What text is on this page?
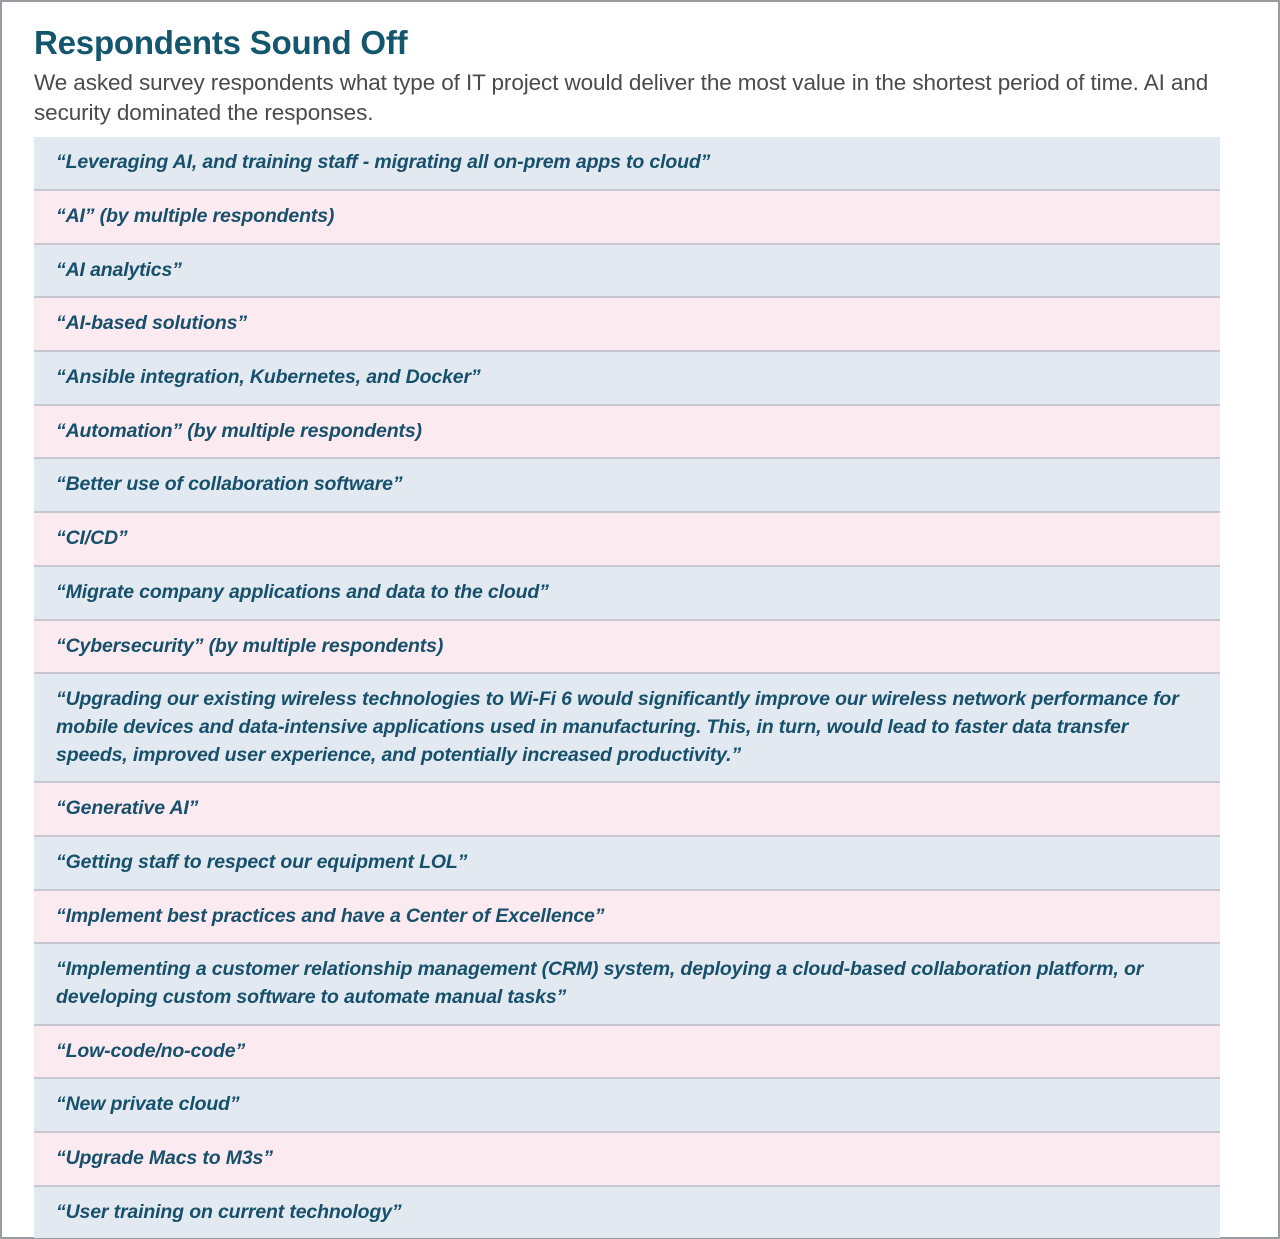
Respondents Sound Off

We asked survey respondents what type of IT project would deliver the most value in the shortest period of time. AI and security dominated the responses.

“Leveraging AI, and training staff - migrating all on-prem apps to cloud”
“AI” (by multiple respondents)
“AI analytics”
“AI-based solutions”
“Ansible integration, Kubernetes, and Docker”
“Automation” (by multiple respondents)
“Better use of collaboration software”
“CI/CD”
“Migrate company applications and data to the cloud”
“Cybersecurity” (by multiple respondents)
“Upgrading our existing wireless technologies to Wi-Fi 6 would significantly improve our wireless network performance for mobile devices and data-intensive applications used in manufacturing. This, in turn, would lead to faster data transfer speeds, improved user experience, and potentially increased productivity.”
“Generative AI”
“Getting staff to respect our equipment LOL”
“Implement best practices and have a Center of Excellence”
“Implementing a customer relationship management (CRM) system, deploying a cloud-based collaboration platform, or developing custom software to automate manual tasks”
“Low-code/no-code”
“New private cloud”
“Upgrade Macs to M3s”
“User training on current technology”
